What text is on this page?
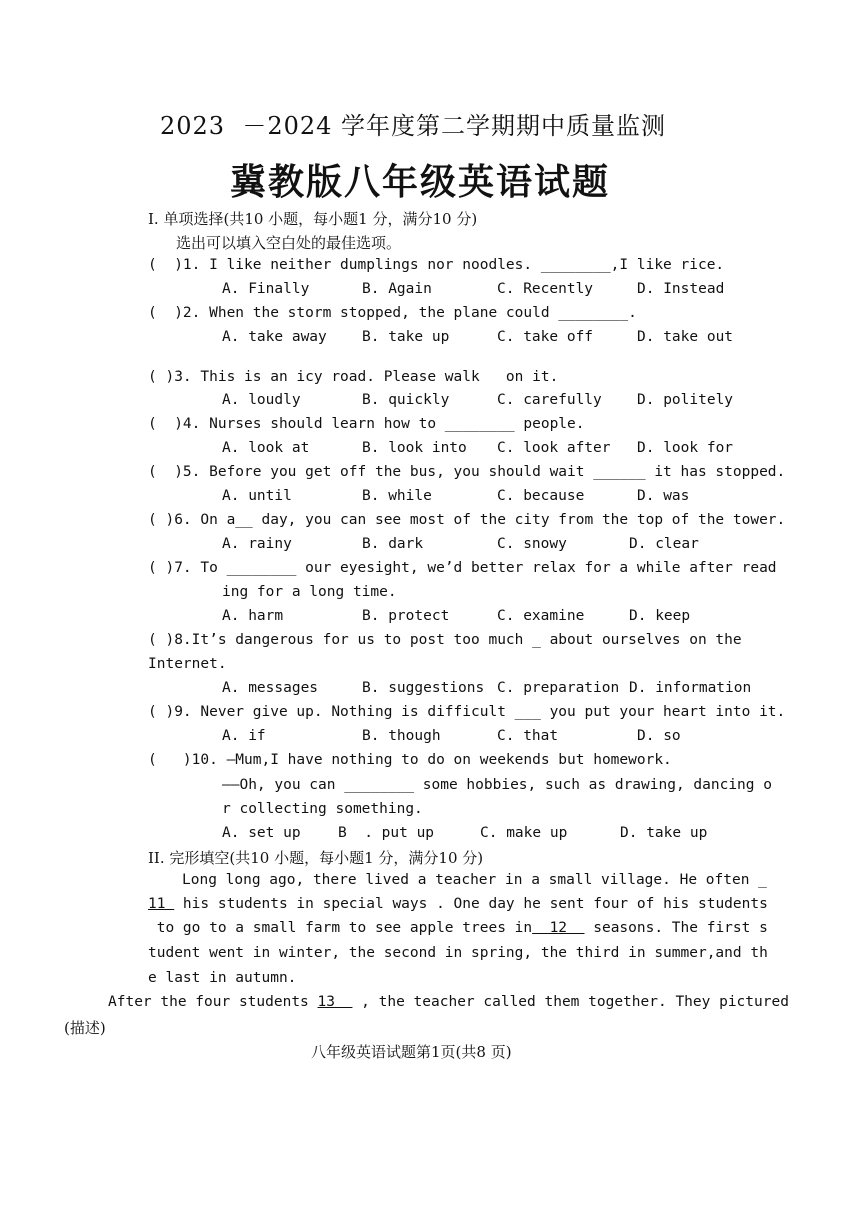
2023  －2024 学年度第二学期期中质量监测
冀教版八年级英语试题
I. 单项选择(共10 小题，每小题1 分，满分10 分)
选出可以填入空白处的最佳选项。
(  )1. I like neither dumplings nor noodles. ________,I like rice.
A. Finally	B. Again	C. Recently	D. Instead
(  )2. When the storm stopped, the plane could ________.
A. take away B. take up	C. take off	D. take out
( )3. This is an icy road. Please walk   on it.
A. loudly	B. quickly	C. carefully D. politely
(  )4. Nurses should learn how to ________ people.
A. look at	B. look into C. look after D. look for
(  )5. Before you get off the bus, you should wait ______ it has stopped.
A. until	B. while	C. because	D. was
( )6. On a__ day, you can see most of the city from the top of the tower.
A. rainy	B. dark	C. snowy	D. clear
( )7. To ________ our eyesight, we’d better relax for a while after read
ing for a long time.
A. harm	B. protect	C. examine	D. keep
( )8.It’s dangerous for us to post too much _ about ourselves on the
Internet.
A. messages	B. suggestions C. preparation D. information
( )9. Never give up. Nothing is difficult ___ you put your heart into it.
A. if	B. though	C. that	D. so
(   )10. —Mum,I have nothing to do on weekends but homework.
——Oh, you can ________ some hobbies, such as drawing, dancing o
r collecting something.
A. set up	B  . put up	C. make up	D. take up
II. 完形填空(共10 小题，每小题1 分，满分10 分)
Long long ago, there lived a teacher in a small village. He often _
11  his students in special ways . One day he sent four of his students
to go to a small farm to see apple trees in  12   seasons. The first s
tudent went in winter, the second in spring, the third in summer,and th
e last in autumn.
After the four students 13   , the teacher called them together. They pictured
(描述)
八年级英语试题第1页(共8 页)
